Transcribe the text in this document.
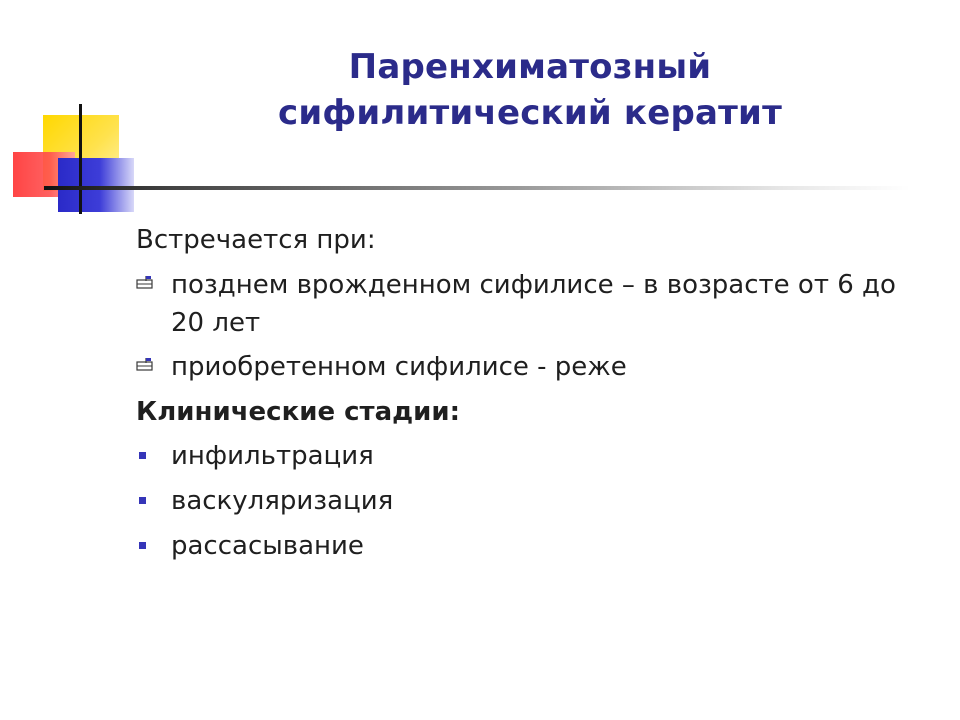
Паренхиматозный
сифилитический кератит
Встречается при:
позднем врожденном сифилисе – в возрасте от 6 до 20 лет
приобретенном сифилисе - реже
Клинические стадии:
инфильтрация
васкуляризация
рассасывание
